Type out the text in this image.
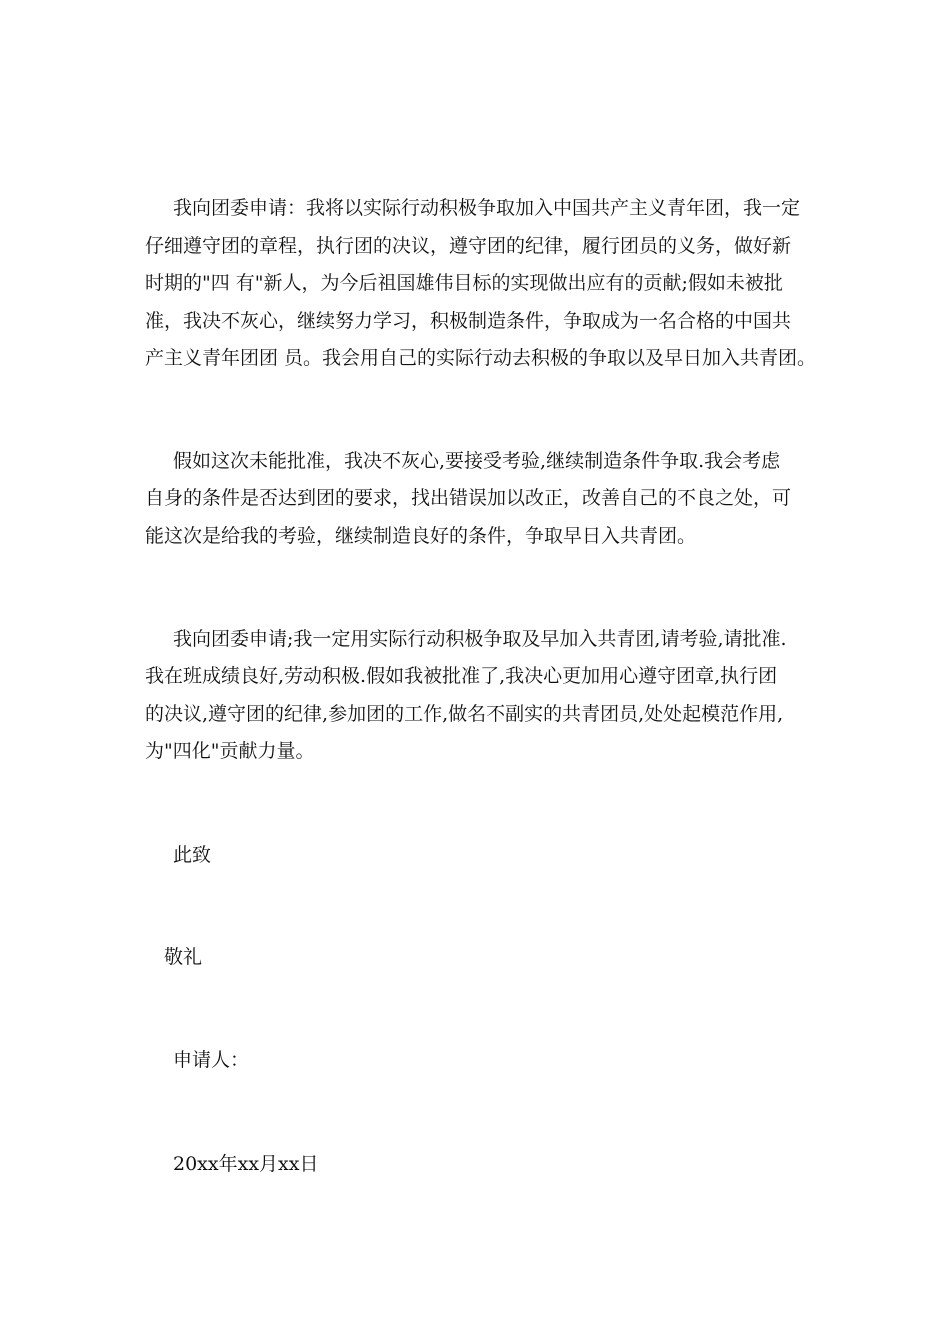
我向团委申请：我将以实际行动积极争取加入中国共产主义青年团，我一定
仔细遵守团的章程，执行团的决议，遵守团的纪律，履行团员的义务，做好新
时期的"四 有"新人，为今后祖国雄伟目标的实现做出应有的贡献;假如未被批
准，我决不灰心，继续努力学习，积极制造条件，争取成为一名合格的中国共
产主义青年团团 员。我会用自己的实际行动去积极的争取以及早日加入共青团。
假如这次未能批准，我决不灰心,要接受考验,继续制造条件争取.我会考虑
自身的条件是否达到团的要求，找出错误加以改正，改善自己的不良之处，可
能这次是给我的考验，继续制造良好的条件，争取早日入共青团。
我向团委申请;我一定用实际行动积极争取及早加入共青团,请考验,请批准.
我在班成绩良好,劳动积极.假如我被批准了,我决心更加用心遵守团章,执行团
的决议,遵守团的纪律,参加团的工作,做名不副实的共青团员,处处起模范作用,
为"四化"贡献力量。
此致
敬礼
申请人：
20xx年xx月xx日
